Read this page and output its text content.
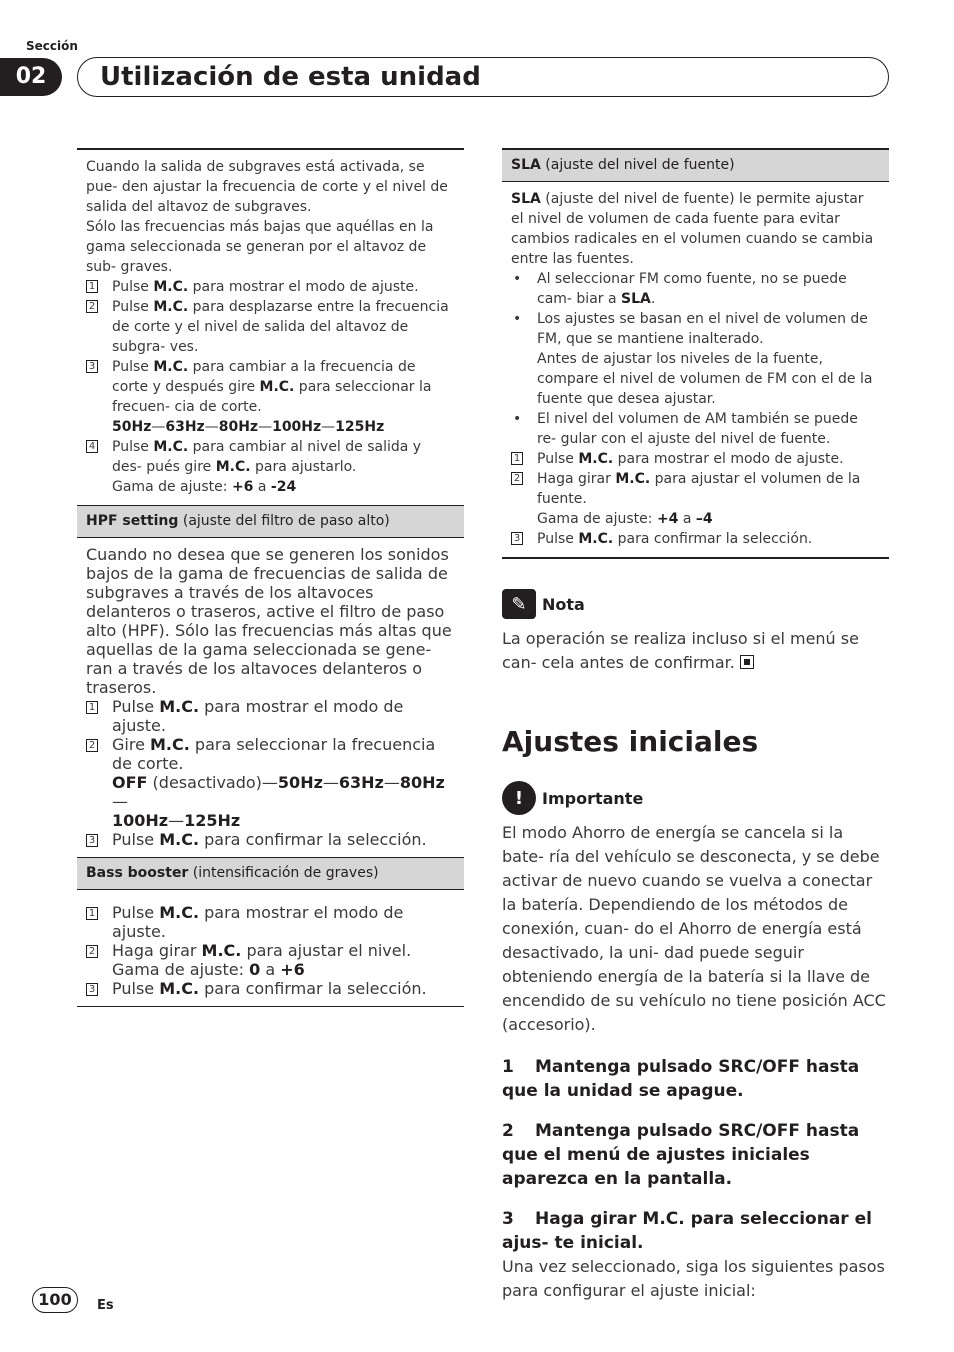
Sección
02	Utilización de esta unidad
Cuando la salida de subgraves está activada, se pue- den ajustar la frecuencia de corte y el nivel de salida del altavoz de subgraves.
Sólo las frecuencias más bajas que aquéllas en la gama seleccionada se generan por el altavoz de sub- graves.
1	Pulse M.C. para mostrar el modo de ajuste.
2	Pulse M.C. para desplazarse entre la frecuencia de corte y el nivel de salida del altavoz de subgra- ves.
3	Pulse M.C. para cambiar a la frecuencia de corte y después gire M.C. para seleccionar la frecuen- cia de corte.
50Hz—63Hz—80Hz—100Hz—125Hz
4	Pulse M.C. para cambiar al nivel de salida y des- pués gire M.C. para ajustarlo.
Gama de ajuste: +6 a -24
HPF setting (ajuste del filtro de paso alto)
Cuando no desea que se generen los sonidos bajos de la gama de frecuencias de salida de subgraves a través de los altavoces delanteros o traseros, active el filtro de paso alto (HPF). Sólo las frecuencias más altas que aquellas de la gama seleccionada se gene- ran a través de los altavoces delanteros o traseros.
1	Pulse M.C. para mostrar el modo de ajuste.
2	Gire M.C. para seleccionar la frecuencia de corte.
OFF (desactivado)—50Hz—63Hz—80Hz—
100Hz—125Hz
3	Pulse M.C. para confirmar la selección.
Bass booster (intensificación de graves)
1	Pulse M.C. para mostrar el modo de ajuste.
2	Haga girar M.C. para ajustar el nivel.
Gama de ajuste: 0 a +6
3	Pulse M.C. para confirmar la selección.
SLA (ajuste del nivel de fuente)
SLA (ajuste del nivel de fuente) le permite ajustar el nivel de volumen de cada fuente para evitar cambios radicales en el volumen cuando se cambia entre las fuentes.
•	Al seleccionar FM como fuente, no se puede cam- biar a SLA.
•	Los ajustes se basan en el nivel de volumen de FM, que se mantiene inalterado.
Antes de ajustar los niveles de la fuente, compare el nivel de volumen de FM con el de la fuente que desea ajustar.
•	El nivel del volumen de AM también se puede re- gular con el ajuste del nivel de fuente.
1	Pulse M.C. para mostrar el modo de ajuste.
2	Haga girar M.C. para ajustar el volumen de la fuente.
Gama de ajuste: +4 a –4
3	Pulse M.C. para confirmar la selección.
✎ Nota
La operación se realiza incluso si el menú se can- cela antes de confirmar.
Ajustes iniciales
!	Importante
El modo Ahorro de energía se cancela si la bate- ría del vehículo se desconecta, y se debe activar de nuevo cuando se vuelva a conectar la batería. Dependiendo de los métodos de conexión, cuan- do el Ahorro de energía está desactivado, la uni- dad puede seguir obteniendo energía de la batería si la llave de encendido de su vehículo no tiene posición ACC (accesorio).
1 Mantenga pulsado SRC/OFF hasta que la unidad se apague.
2 Mantenga pulsado SRC/OFF hasta que el menú de ajustes iniciales aparezca en la pantalla.
3 Haga girar M.C. para seleccionar el ajus- te inicial.
Una vez seleccionado, siga los siguientes pasos para configurar el ajuste inicial:
100	Es
